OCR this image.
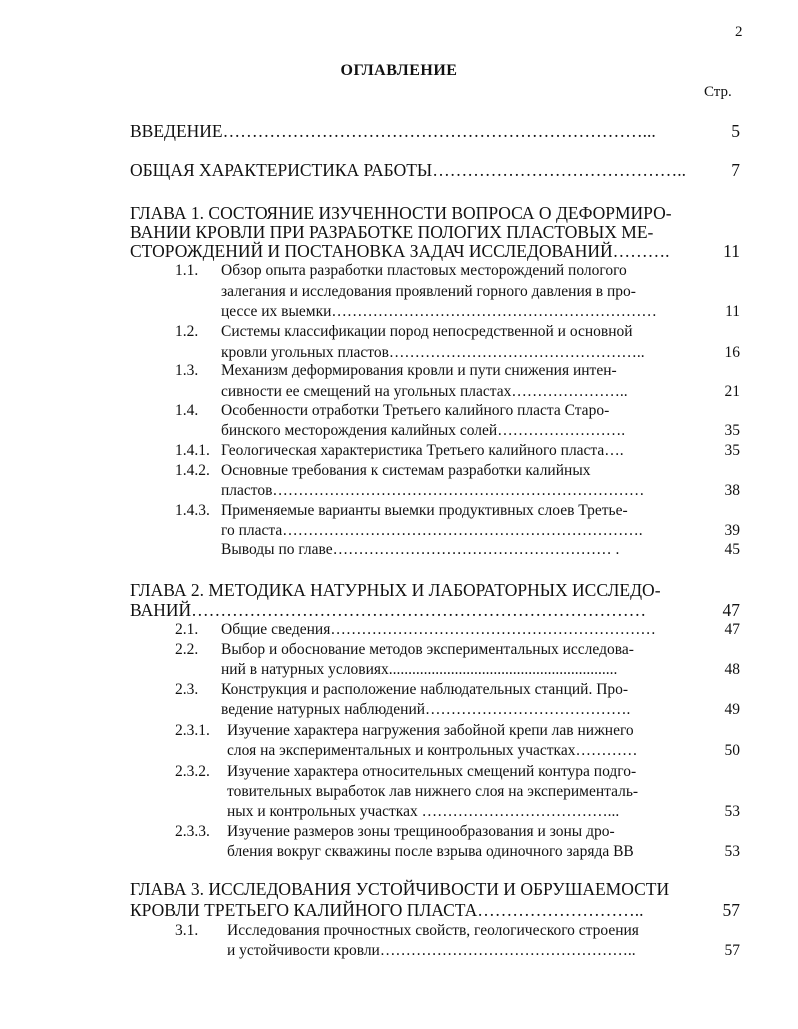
2
ОГЛАВЛЕНИЕ
Стр.
ВВЕДЕНИЕ………………………………………………………………...	5
ОБЩАЯ ХАРАКТЕРИСТИКА РАБОТЫ……………………………………..	7
ГЛАВА 1. СОСТОЯНИЕ ИЗУЧЕННОСТИ ВОПРОСА О ДЕФОРМИРО-
ВАНИИ КРОВЛИ ПРИ РАЗРАБОТКЕ ПОЛОГИХ ПЛАСТОВЫХ МЕ-
СТОРОЖДЕНИЙ И ПОСТАНОВКА ЗАДАЧ ИССЛЕДОВАНИЙ……….	11
1.1. Обзор опыта разработки пластовых месторождений пологого
залегания и исследования проявлений горного давления в про-
цессе их выемки………………………………………………………	11
1.2. Системы классификации пород непосредственной и основной
кровли угольных пластов…………………………………………..	16
1.3. Механизм деформирования кровли и пути снижения интен-
сивности ее смещений на угольных пластах…………………..	21
1.4. Особенности отработки Третьего калийного пласта Старо-
бинского месторождения калийных солей…………………….	35
1.4.1. Геологическая характеристика Третьего калийного пласта….	35
1.4.2. Основные требования к системам разработки калийных
пластов………………………………………………………………	38
1.4.3. Применяемые варианты выемки продуктивных слоев Третье-
го пласта…………………………………………………………….	39
Выводы по главе……………………………………………… .	45
ГЛАВА 2. МЕТОДИКА НАТУРНЫХ И ЛАБОРАТОРНЫХ ИССЛЕДО-
ВАНИЙ……………………………………………………………………	47
2.1. Общие сведения………………………………………………………	47
2.2. Выбор и обоснование методов экспериментальных исследова-
ний в натурных условиях...........................................................	48
2.3. Конструкция и расположение наблюдательных станций. Про-
ведение натурных наблюдений………………………………….	49
2.3.1. Изучение характера нагружения забойной крепи лав нижнего
слоя на экспериментальных и контрольных участках…………	50
2.3.2. Изучение характера относительных смещений контура подго-
товительных выработок лав нижнего слоя на эксперименталь-
ных и контрольных участках ………………………………...	53
2.3.3. Изучение размеров зоны трещинообразования и зоны дро-
бления вокруг скважины после взрыва одиночного заряда ВВ	53
ГЛАВА 3. ИССЛЕДОВАНИЯ УСТОЙЧИВОСТИ И ОБРУШАЕМОСТИ
КРОВЛИ ТРЕТЬЕГО КАЛИЙНОГО ПЛАСТА………………………..	57
3.1. Исследования прочностных свойств, геологического строения
и устойчивости кровли…………………………………………..	57
